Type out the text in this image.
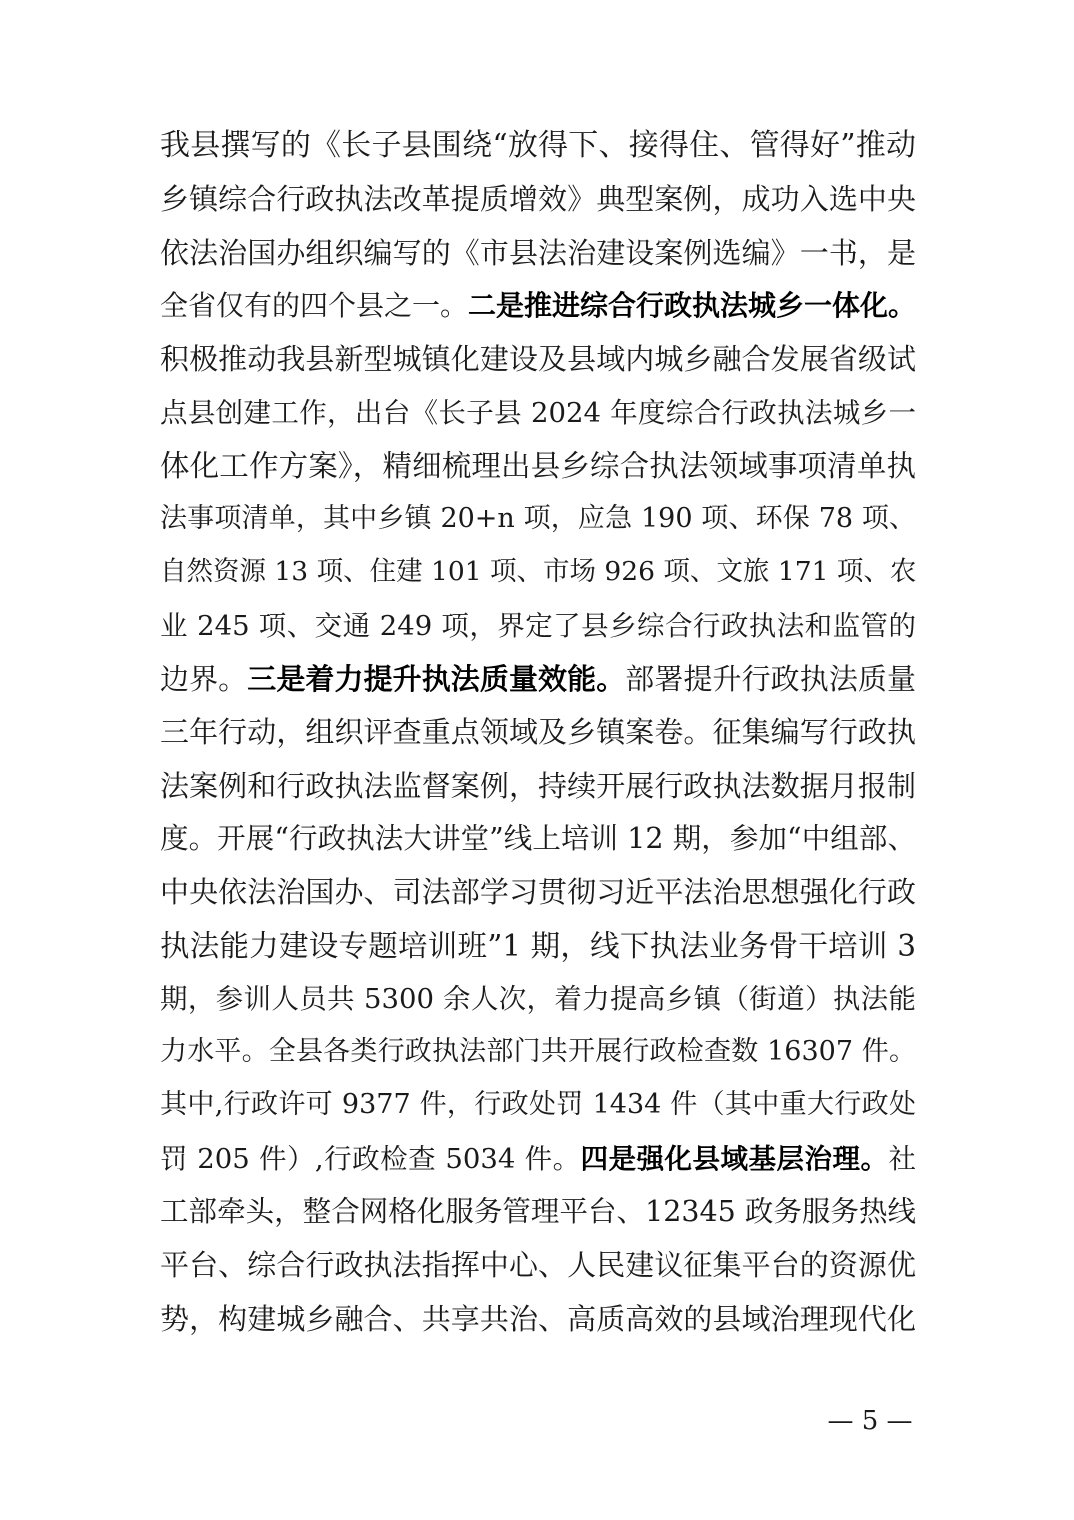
我县撰写的《长子县围绕“放得下、接得住、管得好”推动
乡镇综合行政执法改革提质增效》典型案例，成功入选中央
依法治国办组织编写的《市县法治建设案例选编》一书，是
全省仅有的四个县之一。二是推进综合行政执法城乡一体化。
积极推动我县新型城镇化建设及县域内城乡融合发展省级试
点县创建工作，出台《长子县 2024 年度综合行政执法城乡一
体化工作方案》，精细梳理出县乡综合执法领域事项清单执
法事项清单，其中乡镇 20+n 项，应急 190 项、环保 78 项、
自然资源 13 项、住建 101 项、市场 926 项、文旅 171 项、农
业 245 项、交通 249 项，界定了县乡综合行政执法和监管的
边界。三是着力提升执法质量效能。部署提升行政执法质量
三年行动，组织评查重点领域及乡镇案卷。征集编写行政执
法案例和行政执法监督案例，持续开展行政执法数据月报制
度。开展“行政执法大讲堂”线上培训 12 期，参加“中组部、
中央依法治国办、司法部学习贯彻习近平法治思想强化行政
执法能力建设专题培训班”1 期，线下执法业务骨干培训 3
期，参训人员共 5300 余人次，着力提高乡镇（街道）执法能
力水平。全县各类行政执法部门共开展行政检查数 16307 件。
其中,行政许可 9377 件，行政处罚 1434 件（其中重大行政处
罚 205 件）,行政检查 5034 件。四是强化县域基层治理。社
工部牵头，整合网格化服务管理平台、12345 政务服务热线
平台、综合行政执法指挥中心、人民建议征集平台的资源优
势，构建城乡融合、共享共治、高质高效的县域治理现代化
— 5 —
